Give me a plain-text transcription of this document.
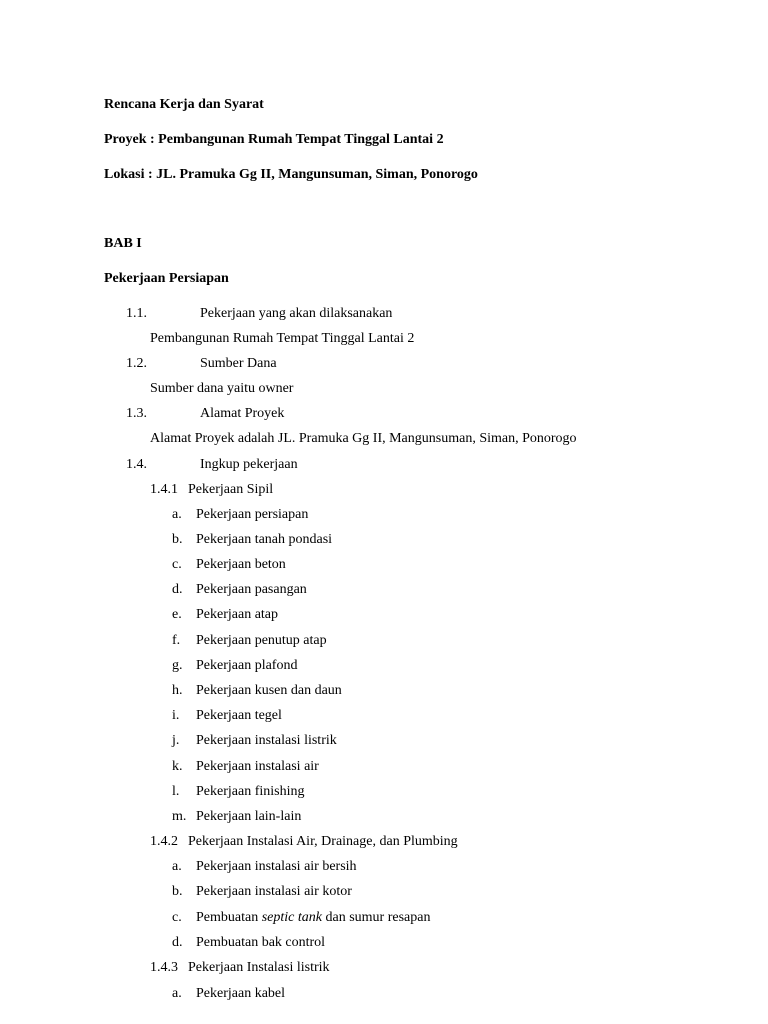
Rencana Kerja dan Syarat
Proyek : Pembangunan Rumah Tempat Tinggal Lantai 2
Lokasi : JL. Pramuka Gg II, Mangunsuman, Siman, Ponorogo
BAB I
Pekerjaan Persiapan
1.1.	Pekerjaan yang akan dilaksanakan
Pembangunan Rumah Tempat Tinggal Lantai 2
1.2.	Sumber Dana
Sumber dana yaitu owner
1.3.	Alamat Proyek
Alamat Proyek adalah JL. Pramuka Gg II, Mangunsuman, Siman, Ponorogo
1.4.	Ingkup pekerjaan
1.4.1 Pekerjaan Sipil
a. Pekerjaan persiapan
b. Pekerjaan tanah pondasi
c. Pekerjaan beton
d. Pekerjaan pasangan
e. Pekerjaan atap
f. Pekerjaan penutup atap
g. Pekerjaan plafond
h. Pekerjaan kusen dan daun
i. Pekerjaan tegel
j. Pekerjaan instalasi listrik
k. Pekerjaan instalasi air
l. Pekerjaan finishing
m. Pekerjaan lain-lain
1.4.2 Pekerjaan Instalasi Air, Drainage, dan Plumbing
a. Pekerjaan instalasi air bersih
b. Pekerjaan instalasi air kotor
c. Pembuatan septic tank dan sumur resapan
d. Pembuatan bak control
1.4.3 Pekerjaan Instalasi listrik
a. Pekerjaan kabel
